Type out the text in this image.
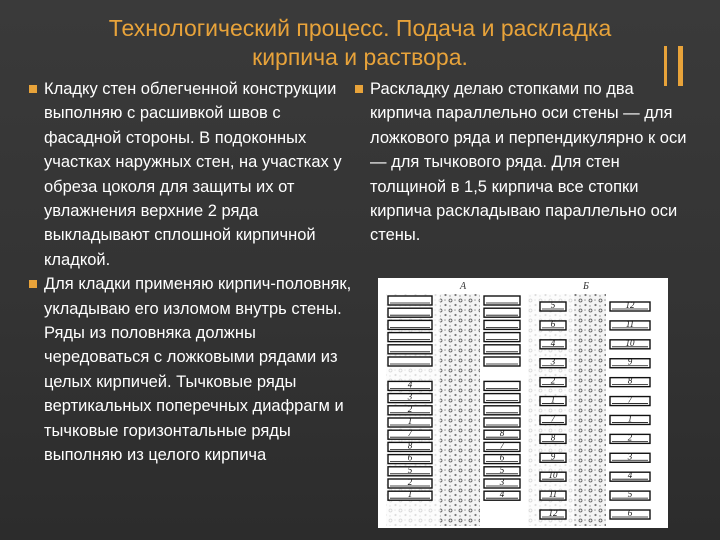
Технологический процесс. Подача и раскладка
кирпича и раствора.
Кладку стен облегченной конструкции выполняю с расшивкой швов с фасадной стороны. В подоконных участках наружных стен, на участках у обреза цоколя для защиты их от увлажнения верхние 2 ряда выкладывают сплошной кирпичной кладкой.
Для кладки применяю кирпич-половняк, укладываю его изломом внутрь стены. Ряды из половняка должны чередоваться с ложковыми рядами из целых кирпичей. Тычковые ряды вертикальных поперечных диафрагм и тычковые горизонтальные ряды выполняю из целого кирпича
Раскладку делаю стопками по два кирпича параллельно оси стены — для ложкового ряда и перпендикулярно к оси — для тычкового ряда. Для стен толщиной в 1,5 кирпича все стопки кирпича раскладываю параллельно оси стены.
А	Б
4
3
2
1
7
8
6
5
2
1
8
7
6
5
3
4
5
6
4
3
2
1
7
8
9
10
11
12
12
11
10
9
8
7
1
2
3
4
5
6
